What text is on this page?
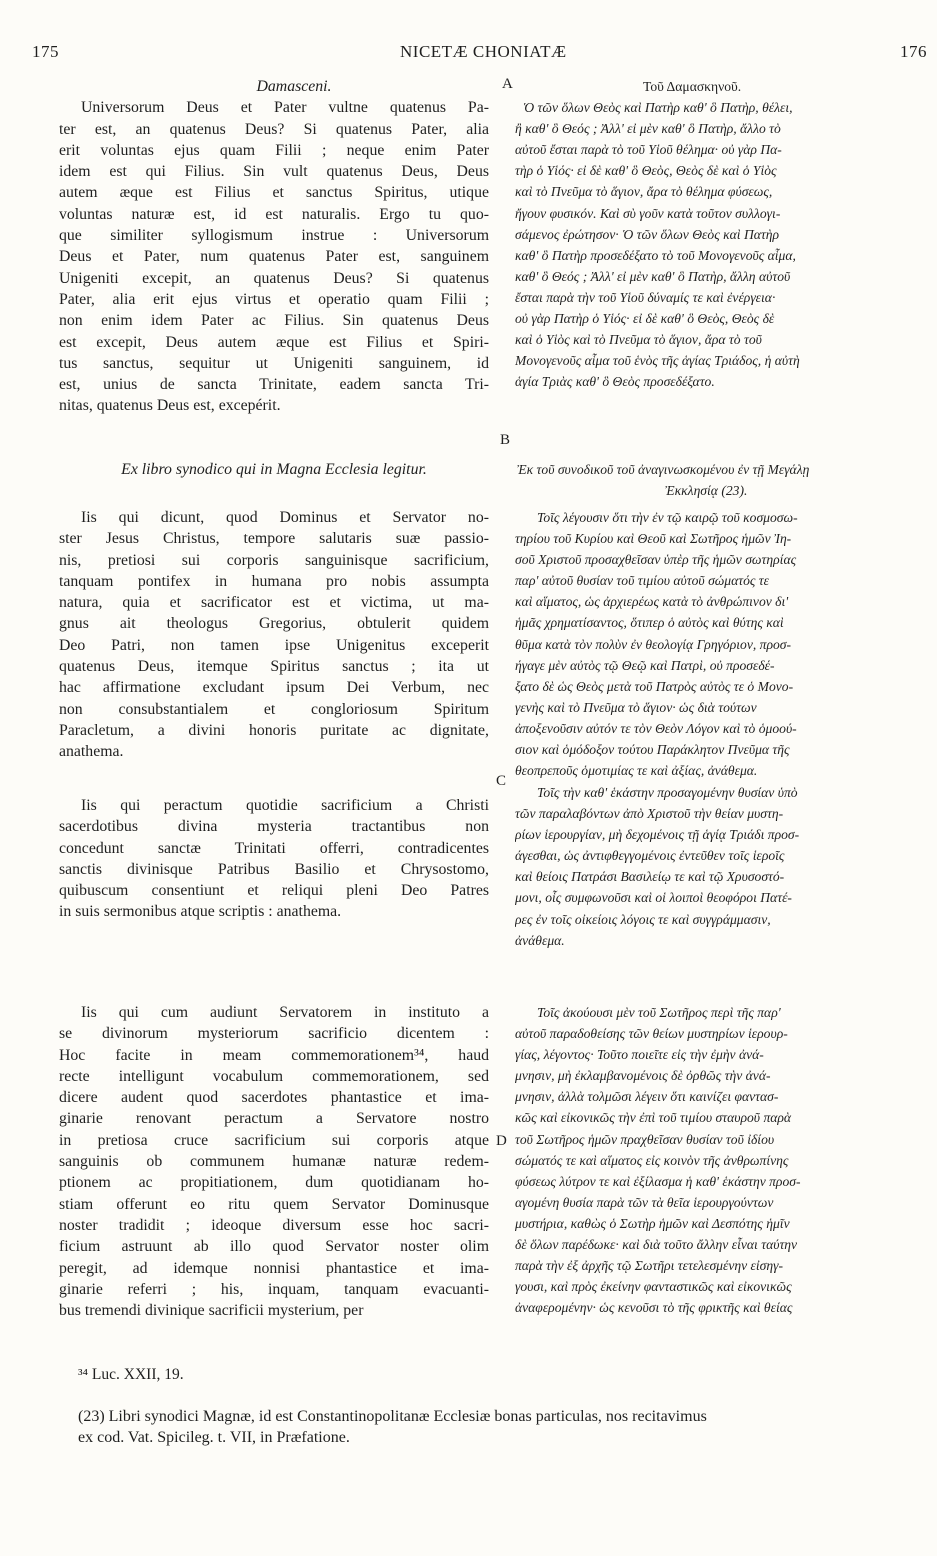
175	NICETÆ CHONIATÆ	176
A
B
C
D
Damasceni.
Universorum Deus et Pater vultne quatenus Pa-
ter est, an quatenus Deus? Si quatenus Pater, alia
erit voluntas ejus quam Filii ; neque enim Pater
idem est qui Filius. Sin vult quatenus Deus, Deus
autem æque est Filius et sanctus Spiritus, utique
voluntas naturæ est, id est naturalis. Ergo tu quo-
que similiter syllogismum instrue : Universorum
Deus et Pater, num quatenus Pater est, sanguinem
Unigeniti excepit, an quatenus Deus? Si quatenus
Pater, alia erit ejus virtus et operatio quam Filii ;
non enim idem Pater ac Filius. Sin quatenus Deus
est excepit, Deus autem æque est Filius et Spiri-
tus sanctus, sequitur ut Unigeniti sanguinem, id
est, unius de sancta Trinitate, eadem sancta Tri-
nitas, quatenus Deus est, excepérit.
Ex libro synodico qui in Magna Ecclesia legitur.
Iis qui dicunt, quod Dominus et Servator no-
ster Jesus Christus, tempore salutaris suæ passio-
nis, pretiosi sui corporis sanguinisque sacrificium,
tanquam pontifex in humana pro nobis assumpta
natura, quia et sacrificator est et victima, ut ma-
gnus ait theologus Gregorius, obtulerit quidem
Deo Patri, non tamen ipse Unigenitus exceperit
quatenus Deus, itemque Spiritus sanctus ; ita ut
hac affirmatione excludant ipsum Dei Verbum, nec
non consubstantialem et congloriosum Spiritum
Paracletum, a divini honoris puritate ac dignitate,
anathema.
Iis qui peractum quotidie sacrificium a Christi
sacerdotibus divina mysteria tractantibus non
concedunt sanctæ Trinitati offerri, contradicentes
sanctis divinisque Patribus Basilio et Chrysostomo,
quibuscum consentiunt et reliqui pleni Deo Patres
in suis sermonibus atque scriptis : anathema.
Iis qui cum audiunt Servatorem in instituto a
se divinorum mysteriorum sacrificio dicentem :
Hoc facite in meam commemorationem³⁴, haud
recte intelligunt vocabulum commemorationem, sed
dicere audent quod sacerdotes phantastice et ima-
ginarie renovant peractum a Servatore nostro
in pretiosa cruce sacrificium sui corporis atque
sanguinis ob communem humanæ naturæ redem-
ptionem ac propitiationem, dum quotidianam ho-
stiam offerunt eo ritu quem Servator Dominusque
noster tradidit ; ideoque diversum esse hoc sacri-
ficium astruunt ab illo quod Servator noster olim
peregit, ad idemque nonnisi phantastice et ima-
ginarie referri ; his, inquam, tanquam evacuanti-
bus tremendi divinique sacrificii mysterium, per
Τοῦ Δαμασκηνοῦ.
Ὁ τῶν ὅλων Θεὸς καὶ Πατὴρ καθ' ὃ Πατὴρ, θέλει,
ἢ καθ' ὃ Θεός ; Ἀλλ' εἰ μὲν καθ' ὃ Πατὴρ, ἄλλο τὸ
αὐτοῦ ἔσται παρὰ τὸ τοῦ Υἱοῦ θέλημα· οὐ γὰρ Πα-
τὴρ ὁ Υἱός· εἰ δὲ καθ' ὃ Θεὸς, Θεὸς δὲ καὶ ὁ Υἱὸς
καὶ τὸ Πνεῦμα τὸ ἅγιον, ἄρα τὸ θέλημα φύσεως,
ἤγουν φυσικόν. Καὶ σὺ γοῦν κατὰ τοῦτον συλλογι-
σάμενος ἐρώτησον· Ὁ τῶν ὅλων Θεὸς καὶ Πατὴρ
καθ' ὃ Πατὴρ προσεδέξατο τὸ τοῦ Μονογενοῦς αἷμα,
καθ' ὃ Θεός ; Ἀλλ' εἰ μὲν καθ' ὃ Πατὴρ, ἄλλη αὐτοῦ
ἔσται παρὰ τὴν τοῦ Υἱοῦ δύναμίς τε καὶ ἐνέργεια·
οὐ γὰρ Πατὴρ ὁ Υἱός· εἰ δὲ καθ' ὃ Θεὸς, Θεὸς δὲ
καὶ ὁ Υἱὸς καὶ τὸ Πνεῦμα τὸ ἅγιον, ἄρα τὸ τοῦ
Μονογενοῦς αἷμα τοῦ ἑνὸς τῆς ἁγίας Τριάδος, ἡ αὐτὴ
ἁγία Τριὰς καθ' ὃ Θεὸς προσεδέξατο.
Ἐκ τοῦ συνοδικοῦ τοῦ ἀναγινωσκομένου ἐν τῇ Μεγάλῃ
Ἐκκλησίᾳ (23).
Τοῖς λέγουσιν ὅτι τὴν ἐν τῷ καιρῷ τοῦ κοσμοσω-
τηρίου τοῦ Κυρίου καὶ Θεοῦ καὶ Σωτῆρος ἡμῶν Ἰη-
σοῦ Χριστοῦ προσαχθεῖσαν ὑπὲρ τῆς ἡμῶν σωτηρίας
παρ' αὐτοῦ θυσίαν τοῦ τιμίου αὐτοῦ σώματός τε
καὶ αἵματος, ὡς ἀρχιερέως κατὰ τὸ ἀνθρώπινον δι'
ἡμᾶς χρηματίσαντος, ὅτιπερ ὁ αὐτὸς καὶ θύτης καὶ
θῦμα κατὰ τὸν πολὺν ἐν θεολογίᾳ Γρηγόριον, προσ-
ήγαγε μὲν αὐτὸς τῷ Θεῷ καὶ Πατρὶ, οὐ προσεδέ-
ξατο δὲ ὡς Θεὸς μετὰ τοῦ Πατρὸς αὐτὸς τε ὁ Μονο-
γενὴς καὶ τὸ Πνεῦμα τὸ ἅγιον· ὡς διὰ τούτων
ἀποξενοῦσιν αὐτόν τε τὸν Θεὸν Λόγον καὶ τὸ ὁμοού-
σιον καὶ ὁμόδοξον τούτου Παράκλητον Πνεῦμα τῆς
θεοπρεποῦς ὁμοτιμίας τε καὶ ἀξίας, ἀνάθεμα.
Τοῖς τὴν καθ' ἑκάστην προσαγομένην θυσίαν ὑπὸ
τῶν παραλαβόντων ἀπὸ Χριστοῦ τὴν θείαν μυστη-
ρίων ἱερουργίαν, μὴ δεχομένοις τῇ ἁγίᾳ Τριάδι προσ-
άγεσθαι, ὡς ἀντιφθεγγομένοις ἐντεῦθεν τοῖς ἱεροῖς
καὶ θείοις Πατράσι Βασιλείῳ τε καὶ τῷ Χρυσοστό-
μονι, οἷς συμφωνοῦσι καὶ οἱ λοιποὶ θεοφόροι Πατέ-
ρες ἐν τοῖς οἰκείοις λόγοις τε καὶ συγγράμμασιν,
ἀνάθεμα.
Τοῖς ἀκούουσι μὲν τοῦ Σωτῆρος περὶ τῆς παρ'
αὐτοῦ παραδοθείσης τῶν θείων μυστηρίων ἱερουρ-
γίας, λέγοντος· Τοῦτο ποιεῖτε εἰς τὴν ἐμὴν ἀνά-
μνησιν, μὴ ἐκλαμβανομένοις δὲ ὀρθῶς τὴν ἀνά-
μνησιν, ἀλλὰ τολμῶσι λέγειν ὅτι καινίζει φαντασ-
κῶς καὶ εἰκονικῶς τὴν ἐπὶ τοῦ τιμίου σταυροῦ παρὰ
τοῦ Σωτῆρος ἡμῶν πραχθεῖσαν θυσίαν τοῦ ἰδίου
σώματός τε καὶ αἵματος εἰς κοινὸν τῆς ἀνθρωπίνης
φύσεως λύτρον τε καὶ ἐξίλασμα ἡ καθ' ἑκάστην προσ-
αγομένη θυσία παρὰ τῶν τὰ θεῖα ἱερουργούντων
μυστήρια, καθὼς ὁ Σωτὴρ ἡμῶν καὶ Δεσπότης ἡμῖν
δὲ ὅλων παρέδωκε· καὶ διὰ τοῦτο ἄλλην εἶναι ταύτην
παρὰ τὴν ἐξ ἀρχῆς τῷ Σωτῆρι τετελεσμένην εἰσηγ-
γουσι, καὶ πρὸς ἐκείνην φανταστικῶς καὶ εἰκονικῶς
ἀναφερομένην· ὡς κενοῦσι τὸ τῆς φρικτῆς καὶ θείας
³⁴ Luc. XXII, 19.
(23) Libri synodici Magnæ, id est Constantinopolitanæ Ecclesiæ bonas particulas, nos recitavimus
ex cod. Vat. Spicileg. t. VII, in Præfatione.
